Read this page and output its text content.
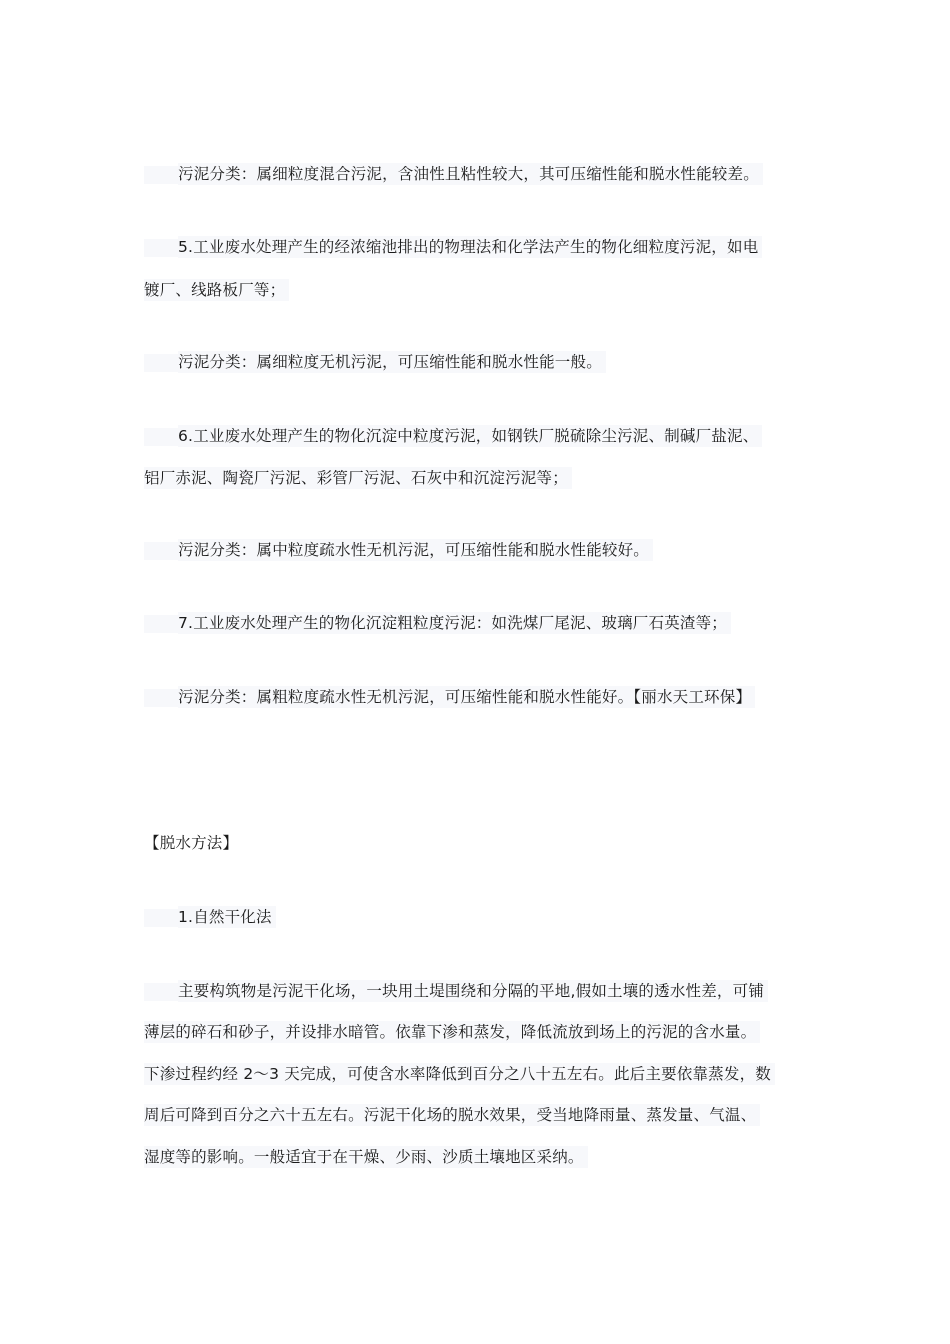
污泥分类：属细粒度混合污泥，含油性且粘性较大，其可压缩性能和脱水性能较差。
5.工业废水处理产生的经浓缩池排出的物理法和化学法产生的物化细粒度污泥，如电
镀厂、线路板厂等；
污泥分类：属细粒度无机污泥，可压缩性能和脱水性能一般。
6.工业废水处理产生的物化沉淀中粒度污泥，如钢铁厂脱硫除尘污泥、制碱厂盐泥、
铝厂赤泥、陶瓷厂污泥、彩管厂污泥、石灰中和沉淀污泥等；
污泥分类：属中粒度疏水性无机污泥，可压缩性能和脱水性能较好。
7.工业废水处理产生的物化沉淀粗粒度污泥：如洗煤厂尾泥、玻璃厂石英渣等；
污泥分类：属粗粒度疏水性无机污泥，可压缩性能和脱水性能好。【丽水天工环保】
【脱水方法】
1.自然干化法
主要构筑物是污泥干化场，一块用土堤围绕和分隔的平地,假如土壤的透水性差，可铺
薄层的碎石和砂子，并设排水暗管。依靠下渗和蒸发，降低流放到场上的污泥的含水量。
下渗过程约经 2～3 天完成，可使含水率降低到百分之八十五左右。此后主要依靠蒸发，数
周后可降到百分之六十五左右。污泥干化场的脱水效果，受当地降雨量、蒸发量、气温、
湿度等的影响。一般适宜于在干燥、少雨、沙质土壤地区采纳。
